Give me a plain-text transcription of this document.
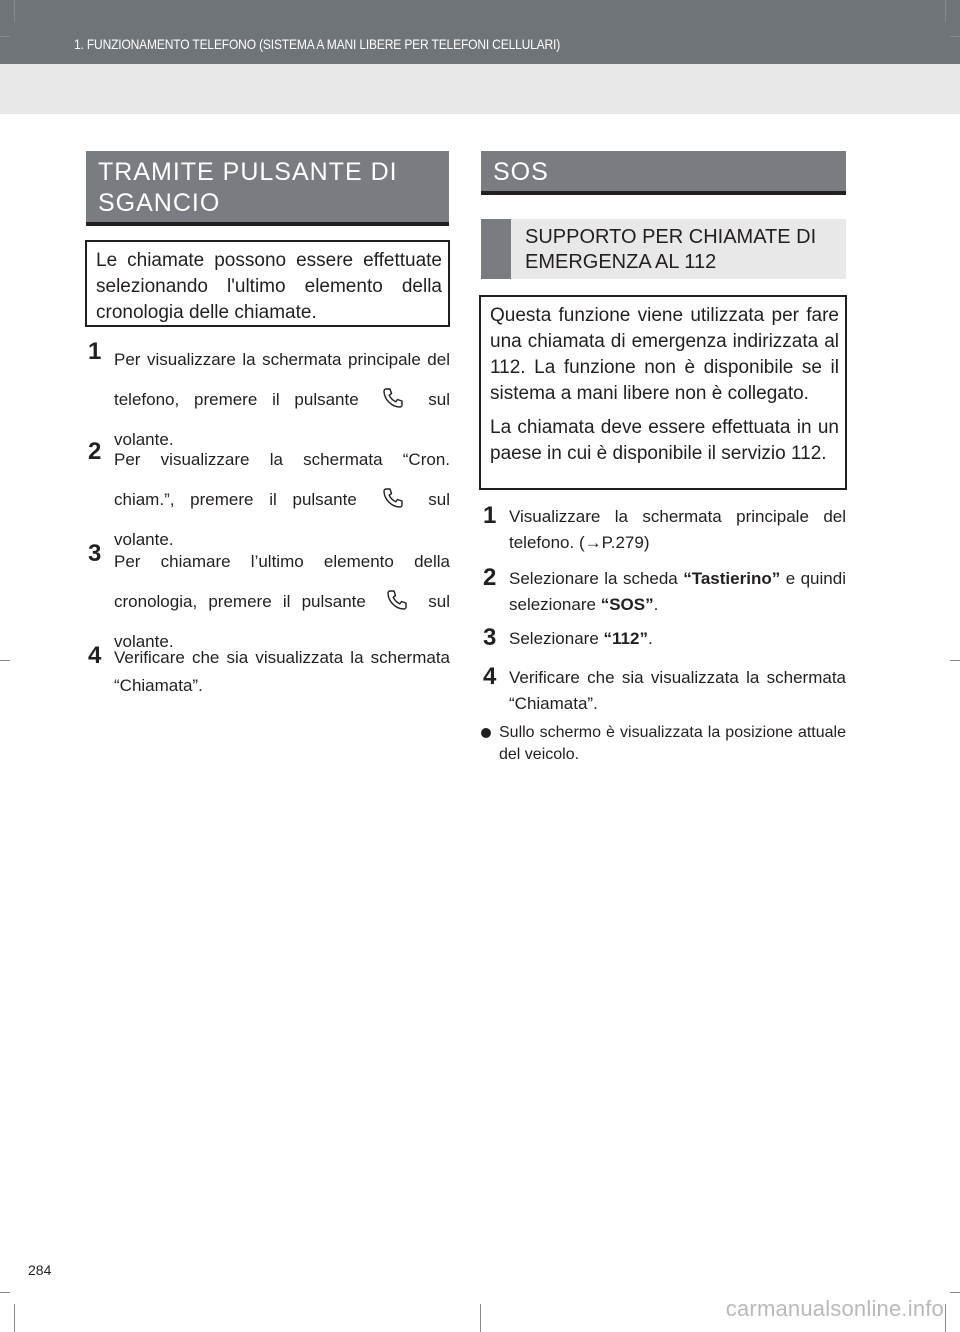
1. FUNZIONAMENTO TELEFONO (SISTEMA A MANI LIBERE PER TELEFONI CELLULARI)
TRAMITE PULSANTE DI
SGANCIO

Le chiamate possono essere effettuate selezionando l'ultimo elemento della cronologia delle chiamate.

1 Per visualizzare la schermata principale del telefono, premere il pulsante	sul volante.
2 Per visualizzare la schermata “Cron. chiam.”, premere il pulsante	sul volante.
3 Per chiamare l’ultimo elemento della cronologia, premere il pulsante	sul volante.
4 Verificare che sia visualizzata la schermata “Chiamata”.
SOS
SUPPORTO PER CHIAMATE DI EMERGENZA AL 112

Questa funzione viene utilizzata per fare una chiamata di emergenza indirizzata al 112. La funzione non è disponibile se il sistema a mani libere non è collegato.

La chiamata deve essere effettuata in un paese in cui è disponibile il servizio 112.

1 Visualizzare la schermata principale del telefono. (→P.279)
2 Selezionare la scheda “Tastierino” e quindi selezionare “SOS”.
3 Selezionare “112”.
4 Verificare che sia visualizzata la schermata “Chiamata”.
Sullo schermo è visualizzata la posizione attuale del veicolo.
284
carmanualsonline.info
